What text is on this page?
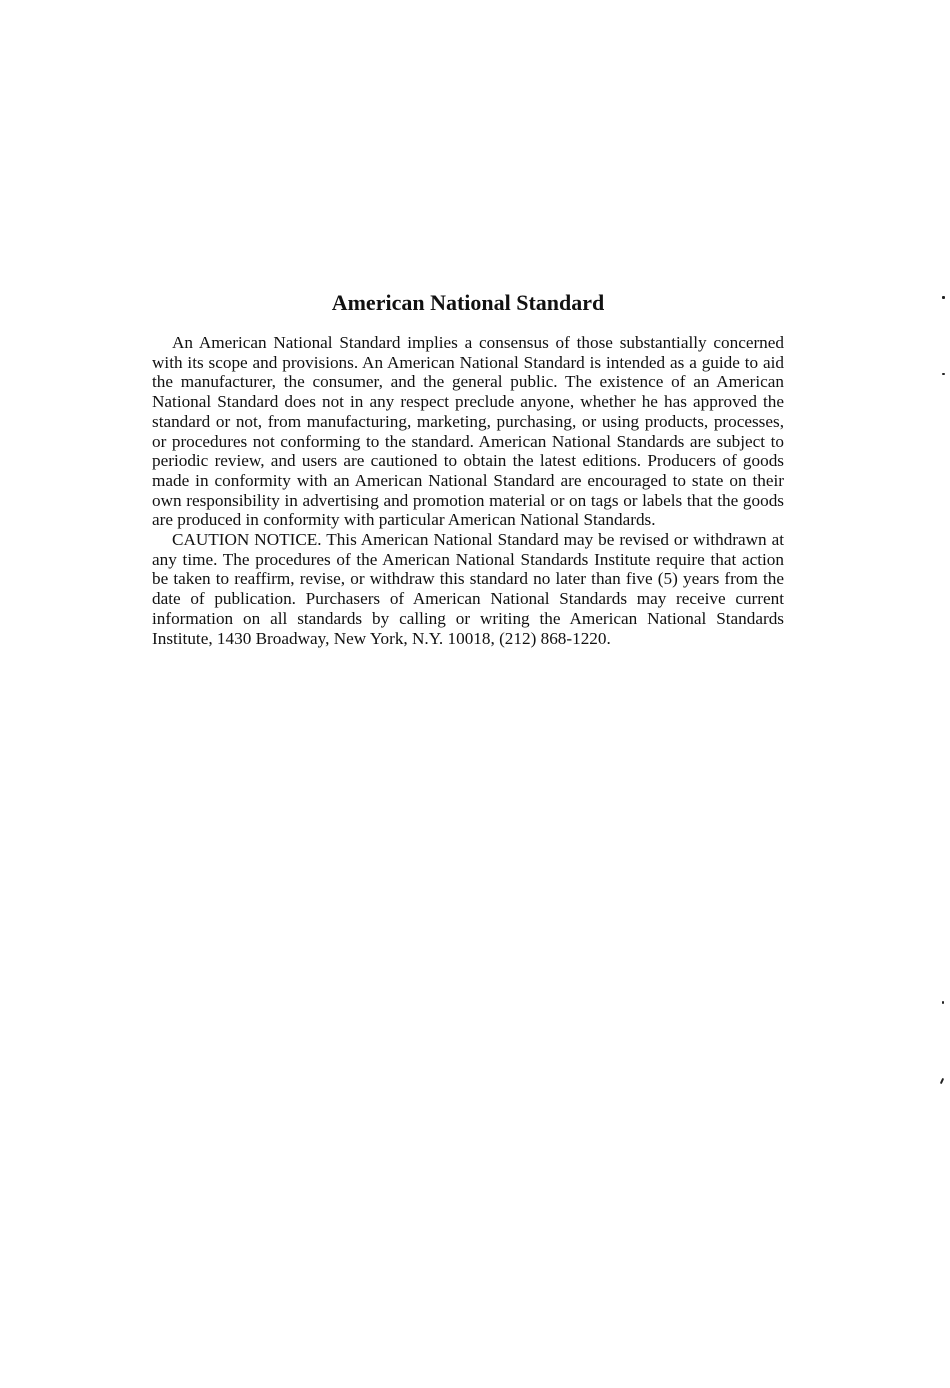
American National Standard

An American National Standard implies a consensus of those substantially concerned with its scope and provisions. An American National Standard is intended as a guide to aid the manufacturer, the consumer, and the general public. The existence of an American National Standard does not in any respect preclude anyone, whether he has approved the standard or not, from manufacturing, marketing, purchasing, or using products, processes, or procedures not conforming to the standard. American National Standards are subject to periodic review, and users are cautioned to obtain the latest editions. Producers of goods made in conformity with an American National Standard are encouraged to state on their own responsibility in advertising and promotion material or on tags or labels that the goods are produced in conformity with particular American National Standards.

CAUTION NOTICE. This American National Standard may be revised or withdrawn at any time. The procedures of the American National Standards Institute require that action be taken to reaffirm, revise, or withdraw this standard no later than five (5) years from the date of publication. Purchasers of American National Standards may receive current information on all standards by calling or writing the American National Standards Institute, 1430 Broadway, New York, N.Y. 10018, (212) 868-1220.
